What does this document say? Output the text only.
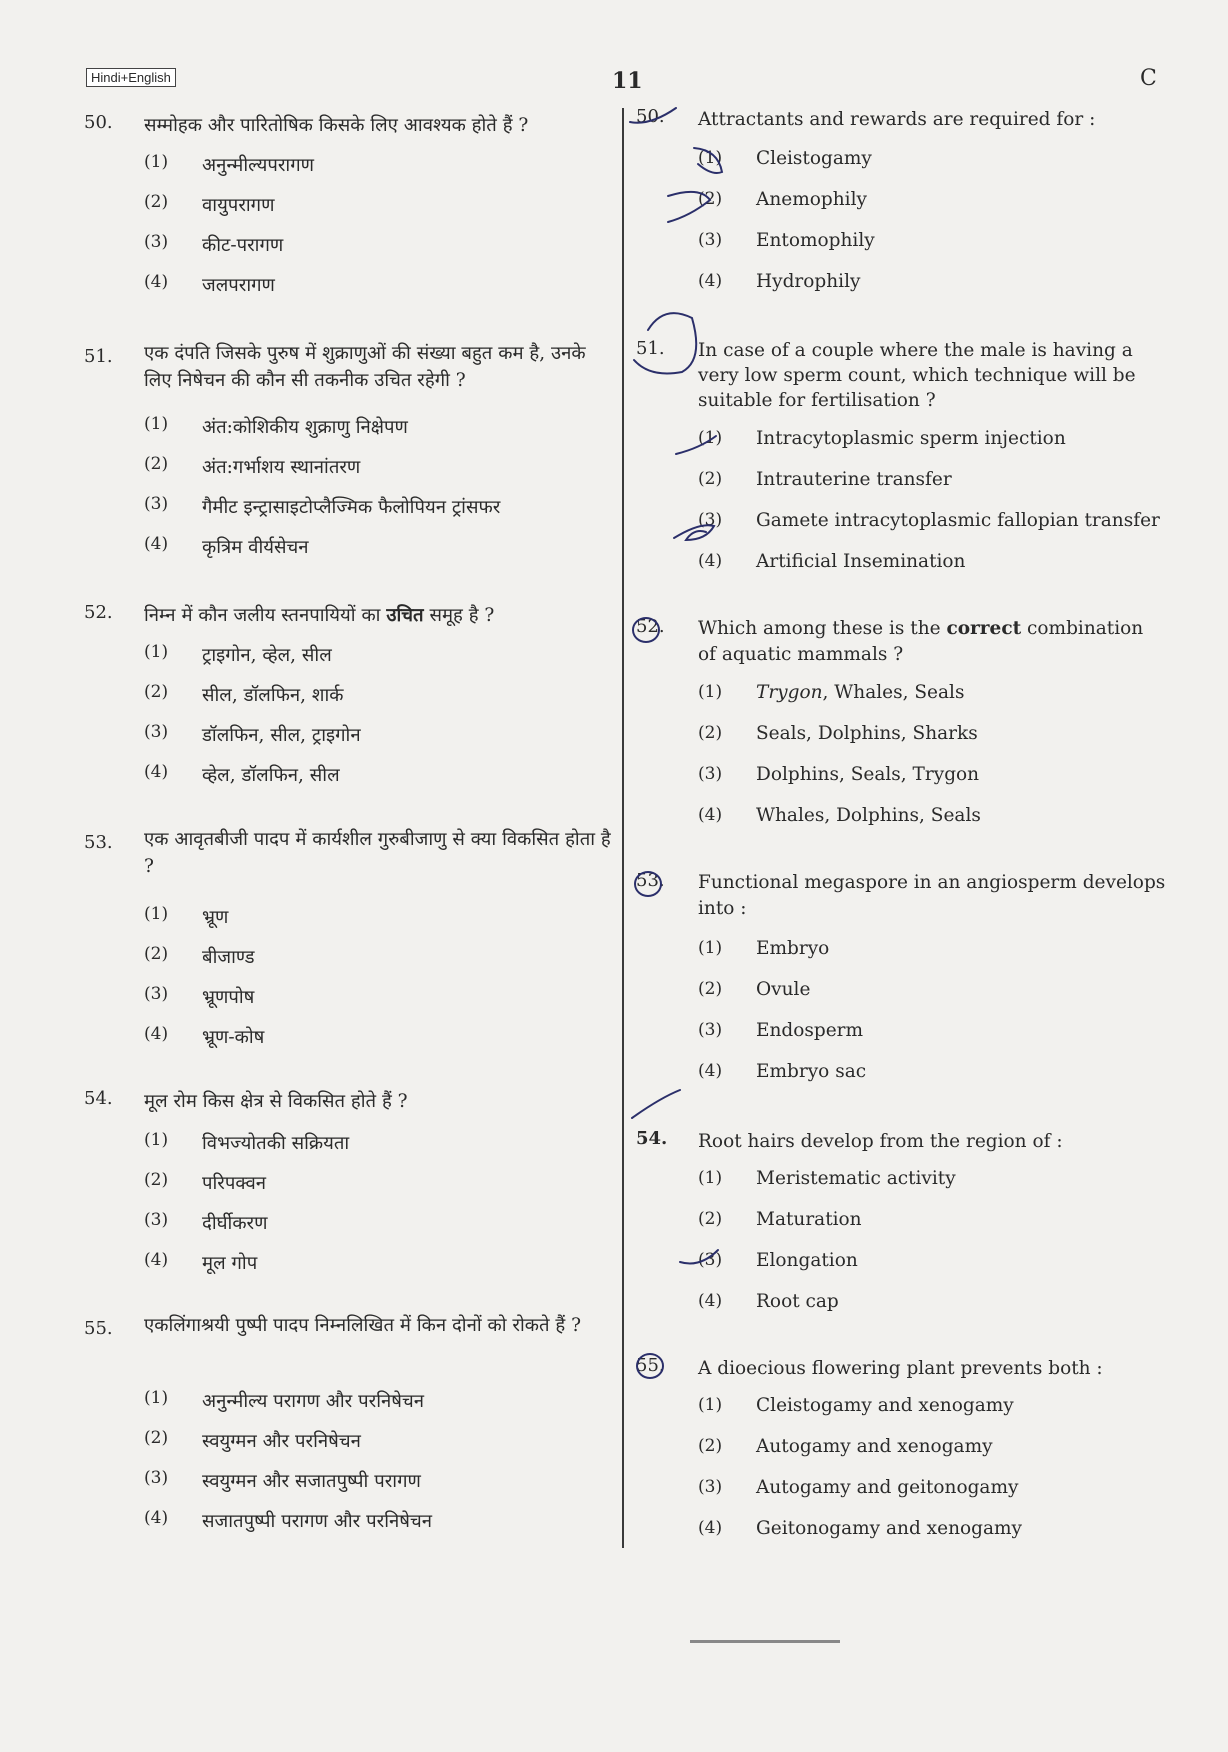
Hindi+English	11	C
50. सम्मोहक और पारितोषिक किसके लिए आवश्यक होते हैं ?
(1) अनुन्मील्यपरागण
(2) वायुपरागण
(3) कीट-परागण
(4) जलपरागण
51. एक दंपति जिसके पुरुष में शुक्राणुओं की संख्या बहुत कम है, उनके लिए निषेचन की कौन सी तकनीक उचित रहेगी ?
(1) अंत:कोशिकीय शुक्राणु निक्षेपण
(2) अंत:गर्भाशय स्थानांतरण
(3) गैमीट इन्ट्रासाइटोप्लैज्मिक फैलोपियन ट्रांसफर
(4) कृत्रिम वीर्यसेचन
52. निम्न में कौन जलीय स्तनपायियों का उचित समूह है ?
(1) ट्राइगोन, व्हेल, सील
(2) सील, डॉलफिन, शार्क
(3) डॉलफिन, सील, ट्राइगोन
(4) व्हेल, डॉलफिन, सील
53. एक आवृतबीजी पादप में कार्यशील गुरुबीजाणु से क्या विकसित होता है ?
(1) भ्रूण
(2) बीजाण्ड
(3) भ्रूणपोष
(4) भ्रूण-कोष
54. मूल रोम किस क्षेत्र से विकसित होते हैं ?
(1) विभज्योतकी सक्रियता
(2) परिपक्वन
(3) दीर्घीकरण
(4) मूल गोप
55. एकलिंगाश्रयी पुष्पी पादप निम्नलिखित में किन दोनों को रोकते हैं ?
(1) अनुन्मील्य परागण और परनिषेचन
(2) स्वयुग्मन और परनिषेचन
(3) स्वयुग्मन और सजातपुष्पी परागण
(4) सजातपुष्पी परागण और परनिषेचन
50. Attractants and rewards are required for :
(1) Cleistogamy
(2) Anemophily
(3) Entomophily
(4) Hydrophily
51. In case of a couple where the male is having a very low sperm count, which technique will be suitable for fertilisation ?
(1) Intracytoplasmic sperm injection
(2) Intrauterine transfer
(3) Gamete intracytoplasmic fallopian transfer
(4) Artificial Insemination
52. Which among these is the correct combination of aquatic mammals ?
(1) Trygon, Whales, Seals
(2) Seals, Dolphins, Sharks
(3) Dolphins, Seals, Trygon
(4) Whales, Dolphins, Seals
53. Functional megaspore in an angiosperm develops into :
(1) Embryo
(2) Ovule
(3) Endosperm
(4) Embryo sac
54. Root hairs develop from the region of :
(1) Meristematic activity
(2) Maturation
(3) Elongation
(4) Root cap
55. A dioecious flowering plant prevents both :
(1) Cleistogamy and xenogamy
(2) Autogamy and xenogamy
(3) Autogamy and geitonogamy
(4) Geitonogamy and xenogamy
